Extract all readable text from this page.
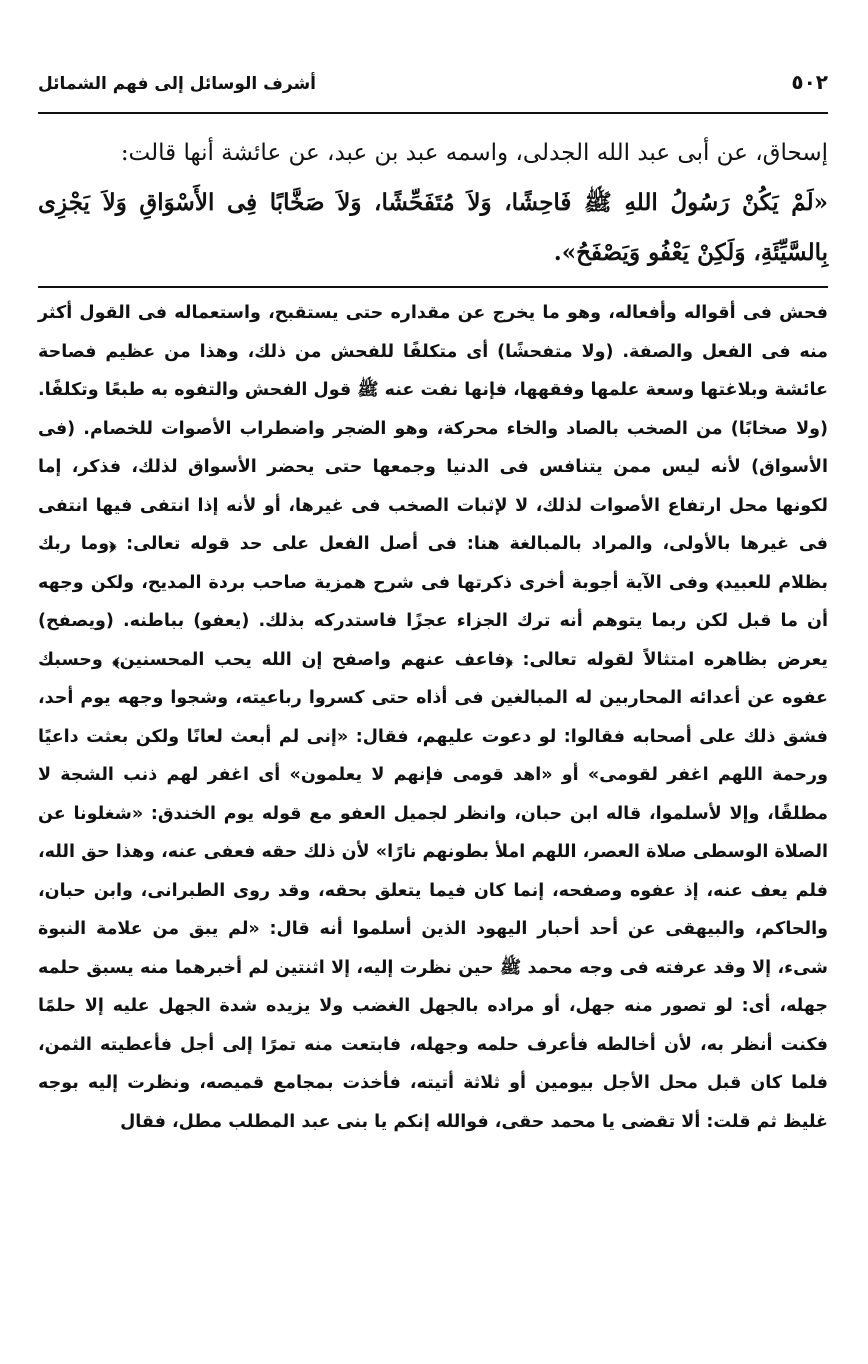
٥٠٢
أشرف الوسائل إلى فهم الشمائل

إسحاق، عن أبى عبد الله الجدلى، واسمه عبد بن عبد، عن عائشة أنها قالت:

«لَمْ يَكُنْ رَسُولُ اللهِ ﷺ فَاحِشًا، وَلاَ مُتَفَحِّشًا، وَلاَ صَخَّابًا فِى الأَسْوَاقِ وَلاَ يَجْزِى بِالسَّيِّئَةِ، وَلَكِنْ يَعْفُو وَيَصْفَحُ».

فحش فى أقواله وأفعاله، وهو ما يخرج عن مقداره حتى يستقبح، واستعماله فى القول أكثر منه فى الفعل والصفة. (ولا متفحشًا) أى متكلفًا للفحش من ذلك، وهذا من عظيم فصاحة عائشة وبلاغتها وسعة علمها وفقهها، فإنها نفت عنه ﷺ قول الفحش والتفوه به طبعًا وتكلفًا. (ولا صخابًا) من الصخب بالصاد والخاء محركة، وهو الضجر واضطراب الأصوات للخصام. (فى الأسواق) لأنه ليس ممن يتنافس فى الدنيا وجمعها حتى يحضر الأسواق لذلك، فذكر، إما لكونها محل ارتفاع الأصوات لذلك، لا لإثبات الصخب فى غيرها، أو لأنه إذا انتفى فيها انتفى فى غيرها بالأولى، والمراد بالمبالغة هنا: فى أصل الفعل على حد قوله تعالى: ﴿وما ربك بظلام للعبيد﴾ وفى الآية أجوبة أخرى ذكرتها فى شرح همزية صاحب بردة المديح، ولكن وجهه أن ما قبل لكن ربما يتوهم أنه ترك الجزاء عجزًا فاستدركه بذلك. (يعفو) بباطنه. (ويصفح) يعرض بظاهره امتثالاً لقوله تعالى: ﴿فاعف عنهم واصفح إن الله يحب المحسنين﴾ وحسبك عفوه عن أعدائه المحاربين له المبالغين فى أذاه حتى كسروا رباعيته، وشجوا وجهه يوم أحد، فشق ذلك على أصحابه فقالوا: لو دعوت عليهم، فقال: «إنى لم أبعث لعانًا ولكن بعثت داعيًا ورحمة اللهم اغفر لقومى» أو «اهد قومى فإنهم لا يعلمون» أى اغفر لهم ذنب الشجة لا مطلقًا، وإلا لأسلموا، قاله ابن حبان، وانظر لجميل العفو مع قوله يوم الخندق: «شغلونا عن الصلاة الوسطى صلاة العصر، اللهم املأ بطونهم نارًا» لأن ذلك حقه فعفى عنه، وهذا حق الله، فلم يعف عنه، إذ عفوه وصفحه، إنما كان فيما يتعلق بحقه، وقد روى الطبرانى، وابن حبان، والحاكم، والبيهقى عن أحد أحبار اليهود الذين أسلموا أنه قال: «لم يبق من علامة النبوة شىء، إلا وقد عرفته فى وجه محمد ﷺ حين نظرت إليه، إلا اثنتين لم أخبرهما منه يسبق حلمه جهله، أى: لو تصور منه جهل، أو مراده بالجهل الغضب ولا يزيده شدة الجهل عليه إلا حلمًا فكنت أنظر به، لأن أخالطه فأعرف حلمه وجهله، فابتعت منه تمرًا إلى أجل فأعطيته الثمن، فلما كان قبل محل الأجل بيومين أو ثلاثة أتيته، فأخذت بمجامع قميصه، ونظرت إليه بوجه غليظ ثم قلت: ألا تقضى يا محمد حقى، فوالله إنكم يا بنى عبد المطلب مطل، فقال
